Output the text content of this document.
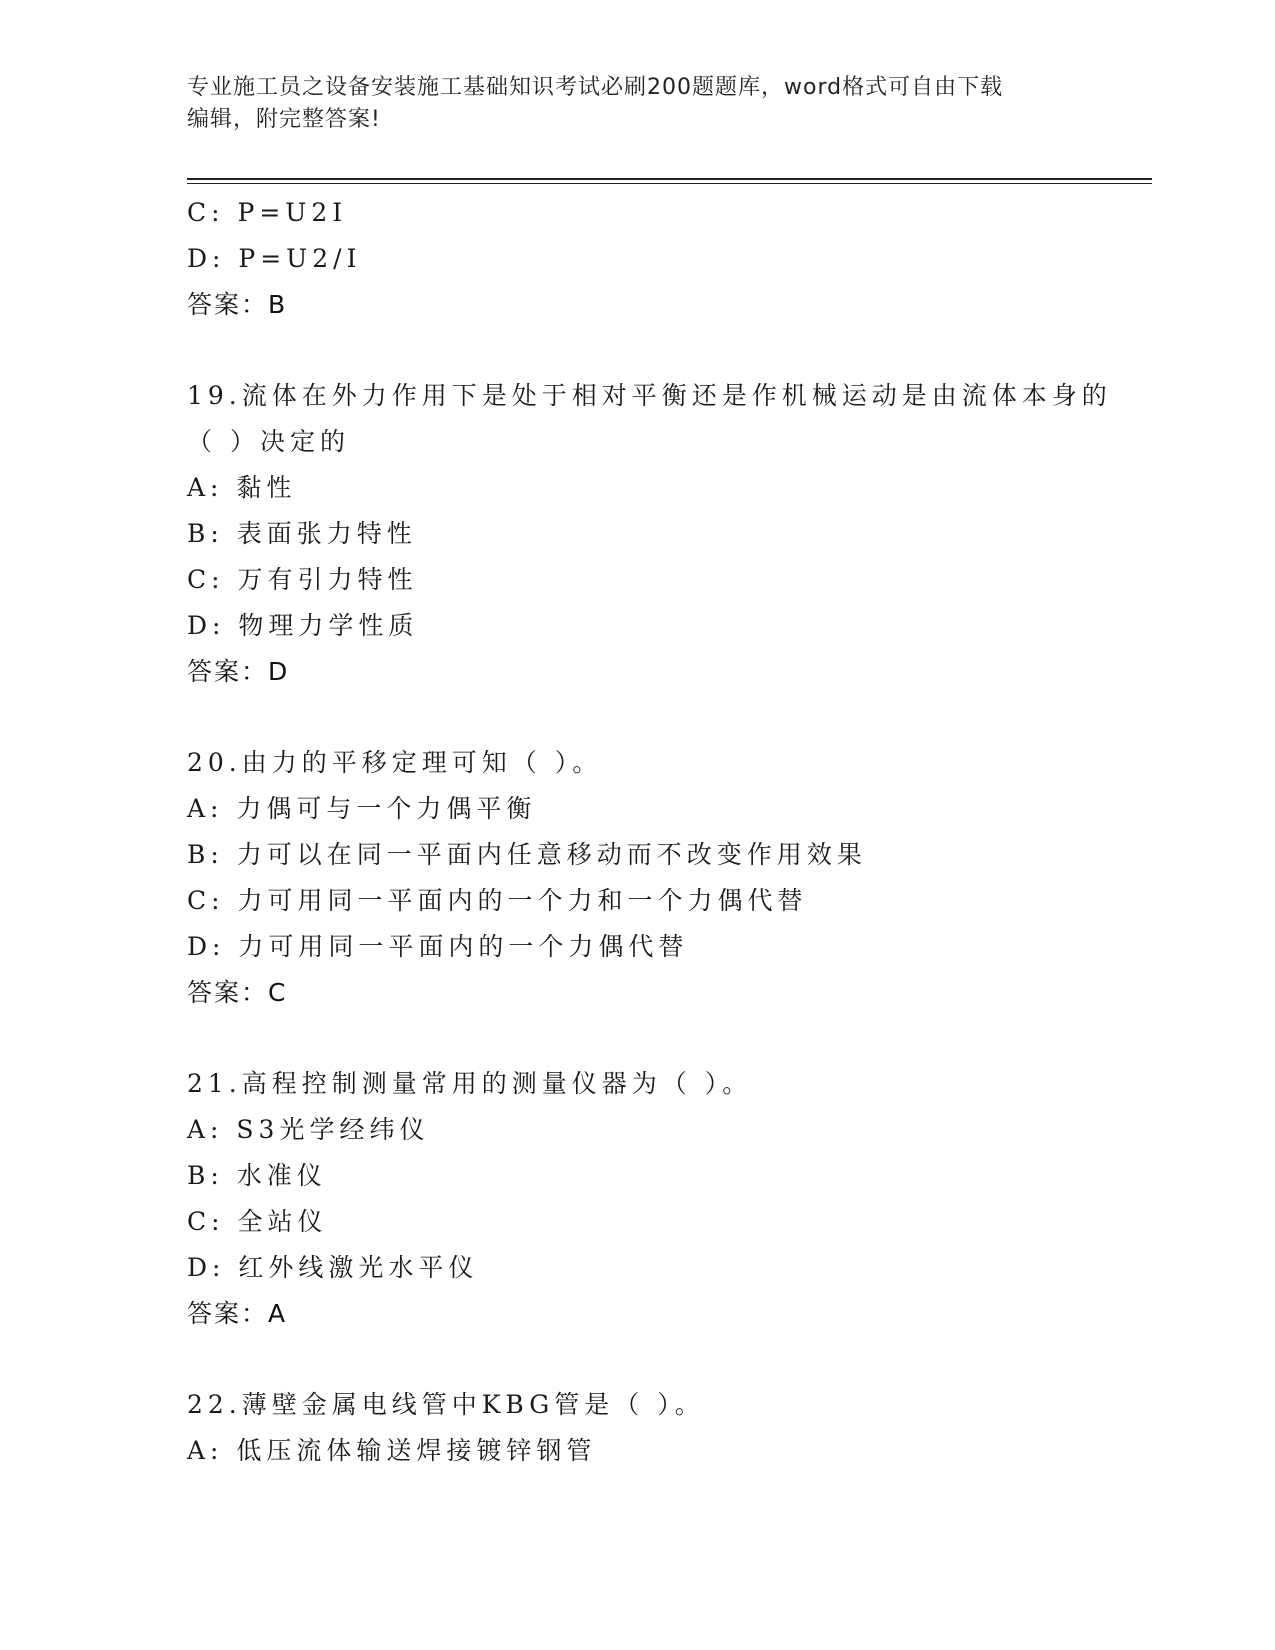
专业施工员之设备安装施工基础知识考试必刷200题题库，word格式可自由下载
编辑，附完整答案!
C: P=U2I
D: P=U2/I
答案：B
19.流体在外力作用下是处于相对平衡还是作机械运动是由流体本身的
（ ）决定的
A: 黏性
B: 表面张力特性
C: 万有引力特性
D: 物理力学性质
答案：D
20.由力的平移定理可知（ ）。
A: 力偶可与一个力偶平衡
B: 力可以在同一平面内任意移动而不改变作用效果
C: 力可用同一平面内的一个力和一个力偶代替
D: 力可用同一平面内的一个力偶代替
答案：C
21.高程控制测量常用的测量仪器为（ ）。
A: S3光学经纬仪
B: 水准仪
C: 全站仪
D: 红外线激光水平仪
答案：A
22.薄壁金属电线管中KBG管是（ ）。
A: 低压流体输送焊接镀锌钢管
